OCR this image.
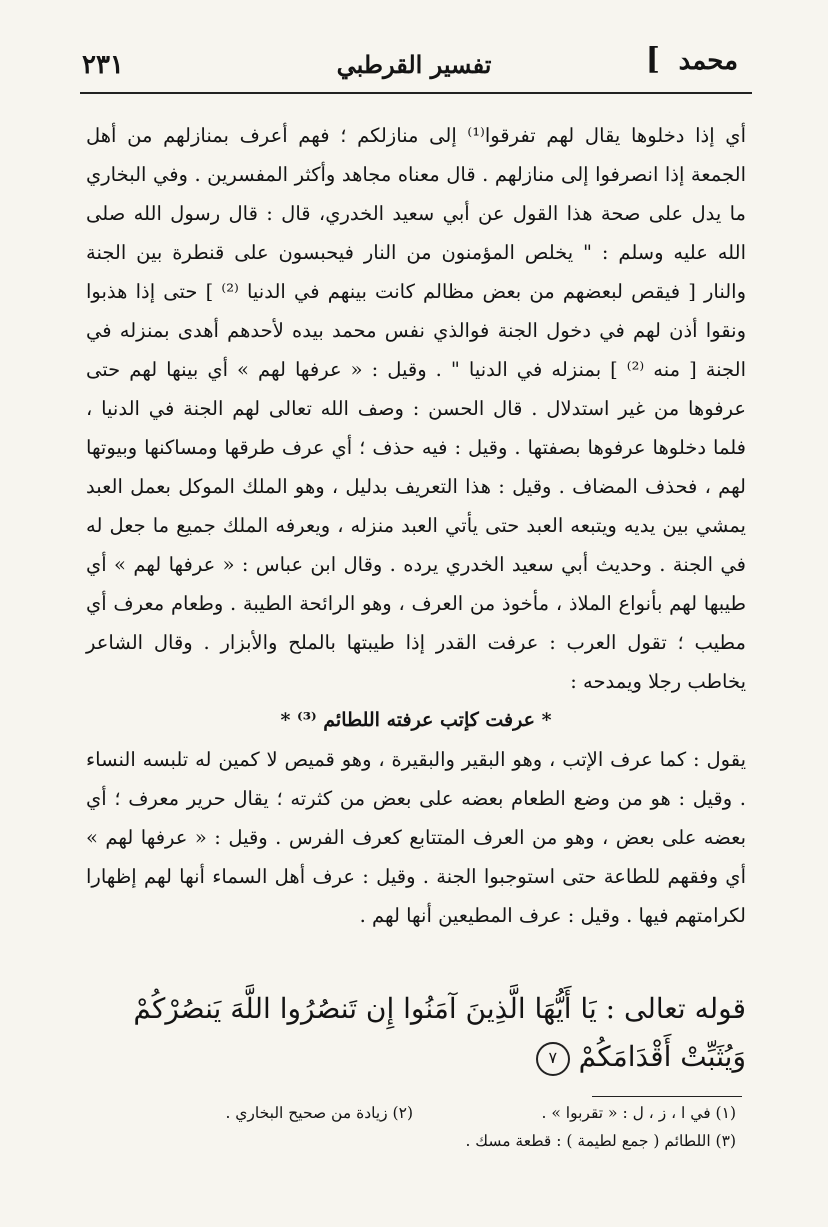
] محمد
تفسير القرطبي
٢٣١

أي إذا دخلوها يقال لهم تفرقوا⁽¹⁾ إلى منازلكم ؛ فهم أعرف بمنازلهم من أهل الجمعة إذا انصرفوا إلى منازلهم . قال معناه مجاهد وأكثر المفسرين . وفي البخاري ما يدل على صحة هذا القول عن أبي سعيد الخدري، قال : قال رسول الله صلى الله عليه وسلم : " يخلص المؤمنون من النار فيحبسون على قنطرة بين الجنة والنار [ فيقص لبعضهم من بعض مظالم كانت بينهم في الدنيا ⁽²⁾ ] حتى إذا هذبوا ونقوا أذن لهم في دخول الجنة فوالذي نفس محمد بيده لأحدهم أهدى بمنزله في الجنة [ منه ⁽²⁾ ] بمنزله في الدنيا " . وقيل : « عرفها لهم » أي بينها لهم حتى عرفوها من غير استدلال . قال الحسن : وصف الله تعالى لهم الجنة في الدنيا ، فلما دخلوها عرفوها بصفتها . وقيل : فيه حذف ؛ أي عرف طرقها ومساكنها وبيوتها لهم ، فحذف المضاف . وقيل : هذا التعريف بدليل ، وهو الملك الموكل بعمل العبد يمشي بين يديه ويتبعه العبد حتى يأتي العبد منزله ، ويعرفه الملك جميع ما جعل له في الجنة . وحديث أبي سعيد الخدري يرده . وقال ابن عباس : « عرفها لهم » أي طيبها لهم بأنواع الملاذ ، مأخوذ من العرف ، وهو الرائحة الطيبة . وطعام معرف أي مطيب ؛ تقول العرب : عرفت القدر إذا طيبتها بالملح والأبزار . وقال الشاعر يخاطب رجلا ويمدحه :

* عرفت كإتب عرفته اللطائم ⁽³⁾ *

يقول : كما عرف الإتب ، وهو البقير والبقيرة ، وهو قميص لا كمين له تلبسه النساء . وقيل : هو من وضع الطعام بعضه على بعض من كثرته ؛ يقال حرير معرف ؛ أي بعضه على بعض ، وهو من العرف المتتابع كعرف الفرس . وقيل : « عرفها لهم » أي وفقهم للطاعة حتى استوجبوا الجنة . وقيل : عرف أهل السماء أنها لهم إظهارا لكرامتهم فيها . وقيل : عرف المطيعين أنها لهم .

قوله تعالى : يَا أَيُّهَا الَّذِينَ آمَنُوا إِن تَنصُرُوا اللَّهَ يَنصُرْكُمْ وَيُثَبِّتْ أَقْدَامَكُمْ ٧
(١) في ا ، ز ، ل : « تقربوا » .
(٢) زيادة من صحيح البخاري .
(٣) اللطائم ( جمع لطيمة ) : قطعة مسك .
